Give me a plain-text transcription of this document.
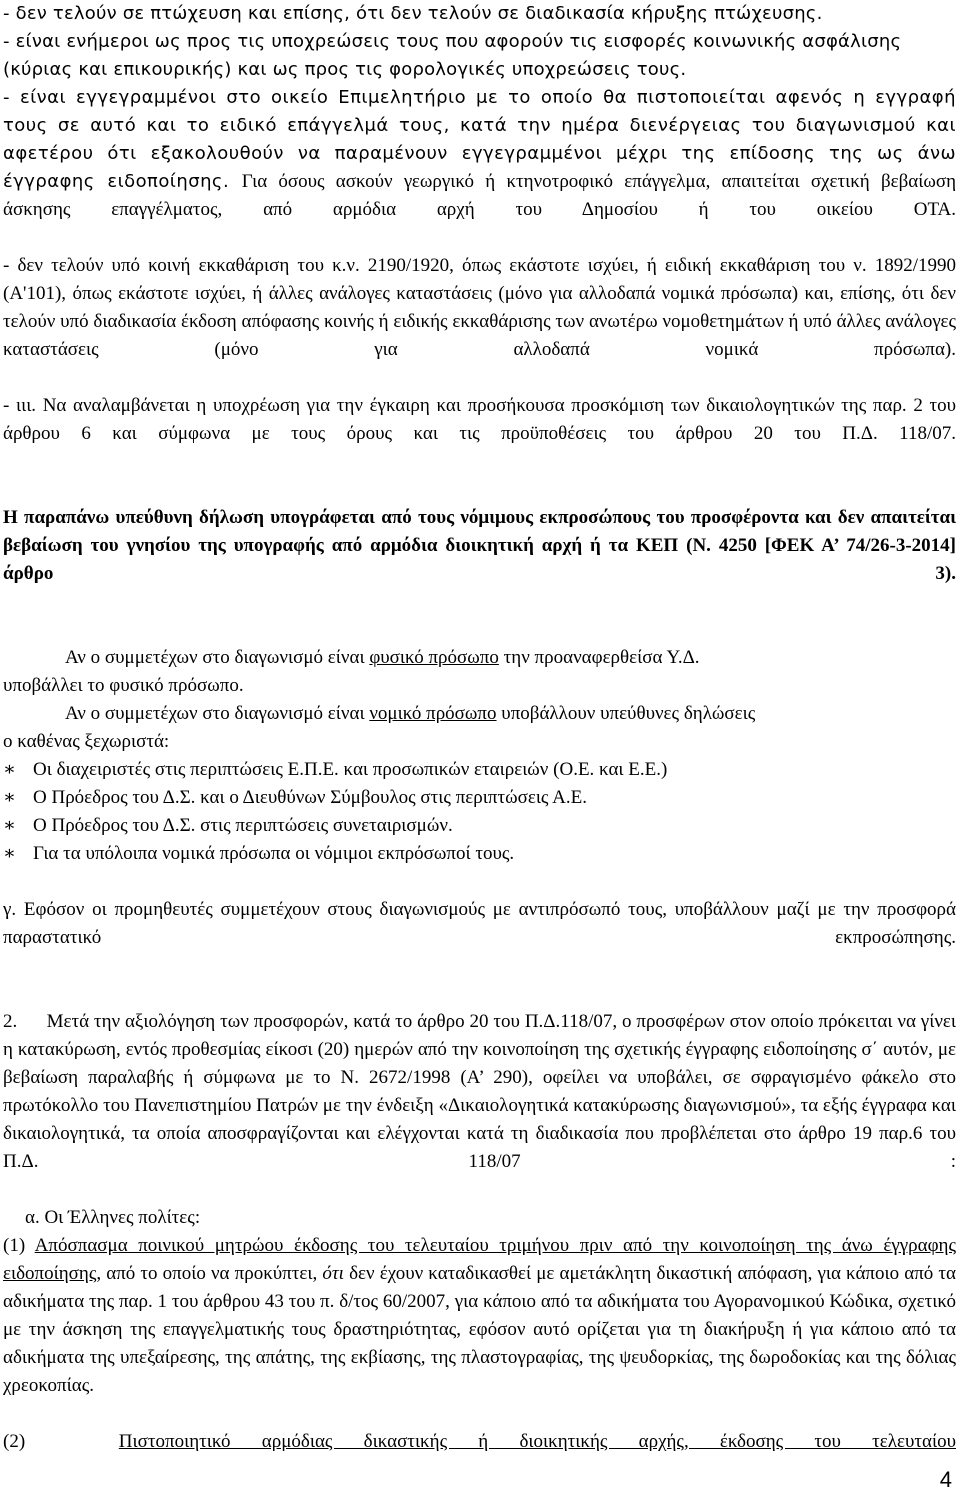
- δεν τελούν σε πτώχευση και επίσης, ότι δεν τελούν σε διαδικασία κήρυξης πτώχευσης.
- είναι ενήμεροι ως προς τις υποχρεώσεις τους που αφορούν τις εισφορές κοινωνικής ασφάλισης
(κύριας και επικουρικής) και ως προς τις φορολογικές υποχρεώσεις τους.
- είναι εγγεγραμμένοι στο οικείο Επιμελητήριο με το οποίο θα πιστοποιείται αφενός η εγγραφή τους σε αυτό και το ειδικό επάγγελμά τους, κατά την ημέρα διενέργειας του διαγωνισμού και αφετέρου ότι εξακολουθούν να παραμένουν εγγεγραμμένοι μέχρι της επίδοσης της ως άνω έγγραφης ειδοποίησης. Για όσους ασκούν γεωργικό ή κτηνοτροφικό επάγγελμα, απαιτείται σχετική βεβαίωση άσκησης επαγγέλματος, από αρμόδια αρχή του Δημοσίου ή του οικείου ΟΤΑ.
- δεν τελούν υπό κοινή εκκαθάριση του κ.ν. 2190/1920, όπως εκάστοτε ισχύει, ή ειδική εκκαθάριση του ν. 1892/1990 (Α'101), όπως εκάστοτε ισχύει, ή άλλες ανάλογες καταστάσεις (μόνο για αλλοδαπά νομικά πρόσωπα) και, επίσης, ότι δεν τελούν υπό διαδικασία έκδοση απόφασης κοινής ή ειδικής εκκαθάρισης των ανωτέρω νομοθετημάτων ή υπό άλλες ανάλογες καταστάσεις (μόνο για αλλοδαπά νομικά πρόσωπα).
- ιιι. Να αναλαμβάνεται η υποχρέωση για την έγκαιρη και προσήκουσα προσκόμιση των δικαιολογητικών της παρ. 2 του άρθρου 6 και σύμφωνα με τους όρους και τις προϋποθέσεις του άρθρου 20 του Π.Δ. 118/07.
Η παραπάνω υπεύθυνη δήλωση υπογράφεται από τους νόμιμους εκπροσώπους του προσφέροντα και δεν απαιτείται βεβαίωση του γνησίου της υπογραφής από αρμόδια διοικητική αρχή ή τα ΚΕΠ (Ν. 4250 [ΦΕΚ Α’ 74/26-3-2014] άρθρο 3).
Αν ο συμμετέχων στο διαγωνισμό είναι φυσικό πρόσωπο την προαναφερθείσα Υ.Δ.
υποβάλλει το φυσικό πρόσωπο.
Αν ο συμμετέχων στο διαγωνισμό είναι νομικό πρόσωπο υποβάλλουν υπεύθυνες δηλώσεις
ο καθένας ξεχωριστά:
∗ Οι διαχειριστές στις περιπτώσεις Ε.Π.Ε. και προσωπικών εταιρειών (Ο.Ε. και Ε.Ε.)
∗ Ο Πρόεδρος του Δ.Σ. και ο Διευθύνων Σύμβουλος στις περιπτώσεις Α.Ε.
∗ Ο Πρόεδρος του Δ.Σ. στις περιπτώσεις συνεταιρισμών.
∗ Για τα υπόλοιπα νομικά πρόσωπα οι νόμιμοι εκπρόσωποί τους.
γ. Εφόσον οι προμηθευτές συμμετέχουν στους διαγωνισμούς με αντιπρόσωπό τους, υποβάλλουν μαζί με την προσφορά παραστατικό εκπροσώπησης.
2. Μετά την αξιολόγηση των προσφορών, κατά το άρθρο 20 του Π.Δ.118/07, ο προσφέρων στον οποίο πρόκειται να γίνει η κατακύρωση, εντός προθεσμίας είκοσι (20) ημερών από την κοινοποίηση της σχετικής έγγραφης ειδοποίησης σ΄ αυτόν, με βεβαίωση παραλαβής ή σύμφωνα με το Ν. 2672/1998 (Α’ 290), οφείλει να υποβάλει, σε σφραγισμένο φάκελο στο πρωτόκολλο του Πανεπιστημίου Πατρών με την ένδειξη «Δικαιολογητικά κατακύρωσης διαγωνισμού», τα εξής έγγραφα και δικαιολογητικά, τα οποία αποσφραγίζονται και ελέγχονται κατά τη διαδικασία που προβλέπεται στο άρθρο 19 παρ.6 του Π.Δ. 118/07 :
α. Οι Έλληνες πολίτες:
(1) Απόσπασμα ποινικού μητρώου έκδοσης του τελευταίου τριμήνου πριν από την κοινοποίηση της άνω έγγραφης ειδοποίησης, από το οποίο να προκύπτει, ότι δεν έχουν καταδικασθεί με αμετάκλητη δικαστική απόφαση, για κάποιο από τα αδικήματα της παρ. 1 του άρθρου 43 του π. δ/τος 60/2007, για κάποιο από τα αδικήματα του Αγορανομικού Κώδικα, σχετικό με την άσκηση της επαγγελματικής τους δραστηριότητας, εφόσον αυτό ορίζεται για τη διακήρυξη ή για κάποιο από τα αδικήματα της υπεξαίρεσης, της απάτης, της εκβίασης, της πλαστογραφίας, της ψευδορκίας, της δωροδοκίας και της δόλιας χρεοκοπίας.
(2)	Πιστοποιητικό αρμόδιας δικαστικής ή διοικητικής αρχής, έκδοσης του τελευταίου
4
